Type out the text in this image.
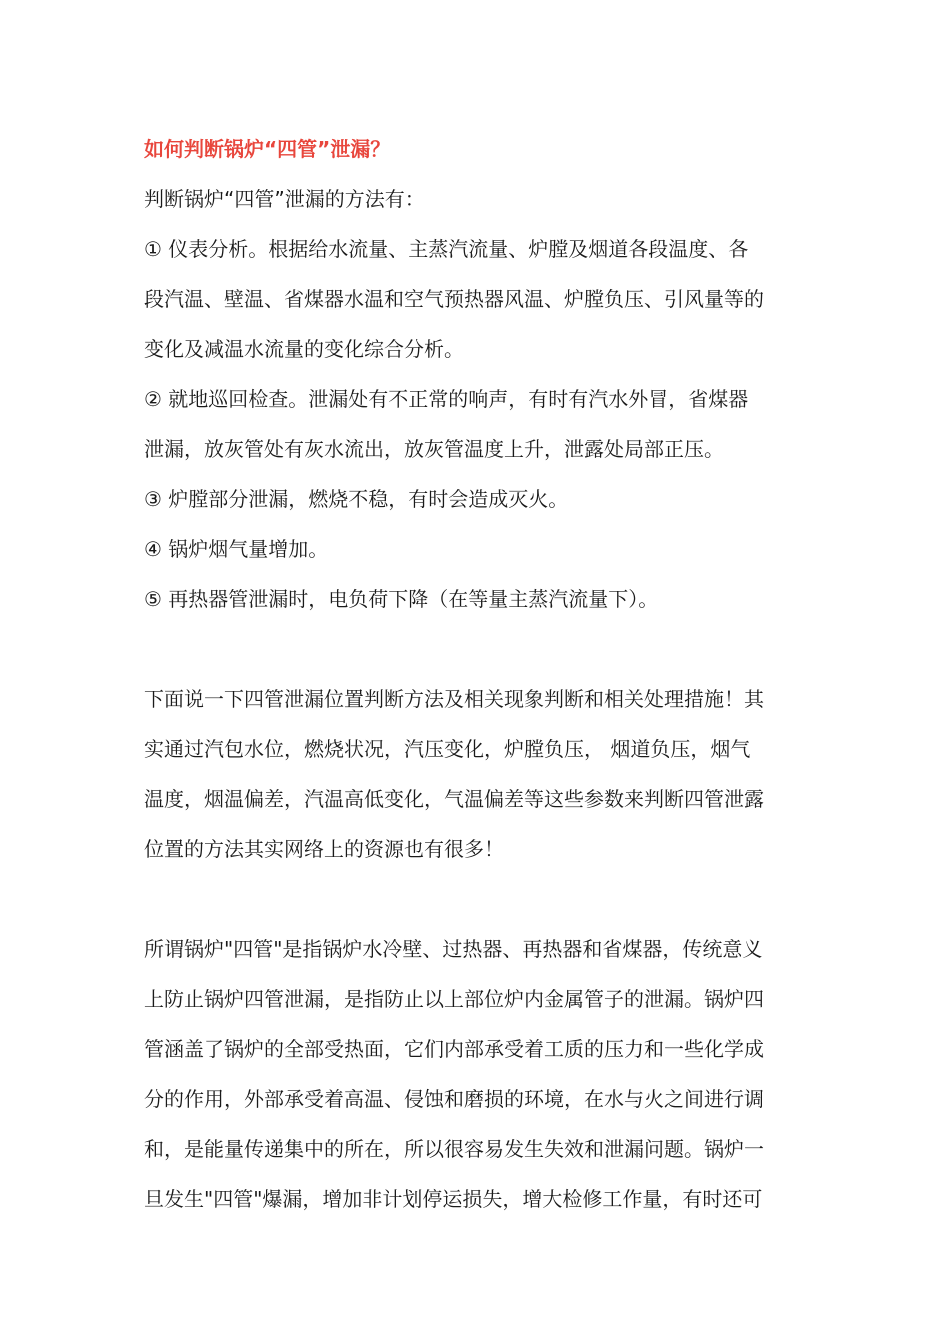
如何判断锅炉“四管”泄漏？

判断锅炉“四管”泄漏的方法有：

① 仪表分析。根据给水流量、主蒸汽流量、炉膛及烟道各段温度、各

段汽温、壁温、省煤器水温和空气预热器风温、炉膛负压、引风量等的

变化及减温水流量的变化综合分析。

② 就地巡回检查。泄漏处有不正常的响声，有时有汽水外冒，省煤器

泄漏，放灰管处有灰水流出，放灰管温度上升，泄露处局部正压。

③ 炉膛部分泄漏，燃烧不稳，有时会造成灭火。

④ 锅炉烟气量增加。

⑤ 再热器管泄漏时，电负荷下降（在等量主蒸汽流量下）。

下面说一下四管泄漏位置判断方法及相关现象判断和相关处理措施！其

实通过汽包水位，燃烧状况，汽压变化，炉膛负压， 烟道负压，烟气

温度，烟温偏差，汽温高低变化，气温偏差等这些参数来判断四管泄露

位置的方法其实网络上的资源也有很多！

所谓锅炉"四管"是指锅炉水冷壁、过热器、再热器和省煤器，传统意义

上防止锅炉四管泄漏，是指防止以上部位炉内金属管子的泄漏。锅炉四

管涵盖了锅炉的全部受热面，它们内部承受着工质的压力和一些化学成

分的作用，外部承受着高温、侵蚀和磨损的环境，在水与火之间进行调

和，是能量传递集中的所在，所以很容易发生失效和泄漏问题。锅炉一

旦发生"四管"爆漏，增加非计划停运损失，增大检修工作量，有时还可
